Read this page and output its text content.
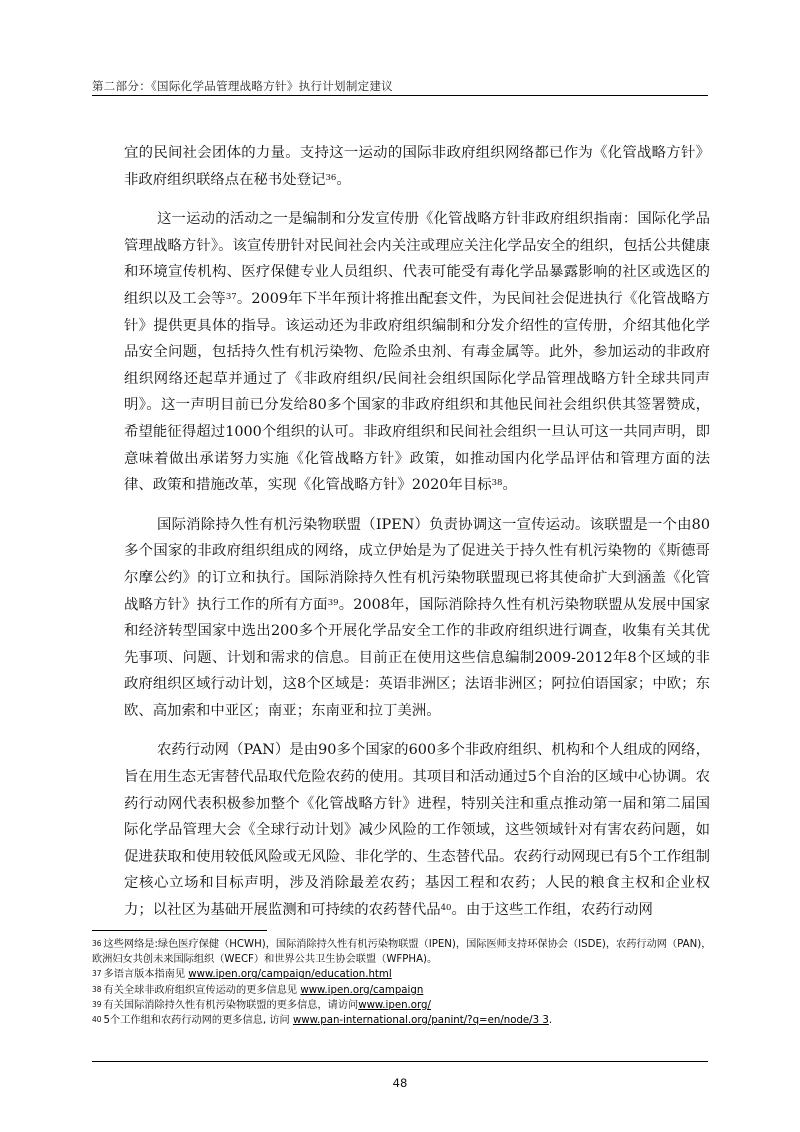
第二部分：《国际化学品管理战略方针》执行计划制定建议

宜的民间社会团体的力量。支持这一运动的国际非政府组织网络都已作为《化管战略方针》非政府组织联络点在秘书处登记$^{36}$。

这一运动的活动之一是编制和分发宣传册《化管战略方针非政府组织指南：国际化学品管理战略方针》。该宣传册针对民间社会内关注或理应关注化学品安全的组织，包括公共健康和环境宣传机构、医疗保健专业人员组织、代表可能受有毒化学品暴露影响的社区或选区的组织以及工会等$^{37}$。2009年下半年预计将推出配套文件，为民间社会促进执行《化管战略方针》提供更具体的指导。该运动还为非政府组织编制和分发介绍性的宣传册，介绍其他化学品安全问题，包括持久性有机污染物、危险杀虫剂、有毒金属等。此外，参加运动的非政府组织网络还起草并通过了《非政府组织/民间社会组织国际化学品管理战略方针全球共同声明》。这一声明目前已分发给80多个国家的非政府组织和其他民间社会组织供其签署赞成，希望能征得超过1000个组织的认可。非政府组织和民间社会组织一旦认可这一共同声明，即意味着做出承诺努力实施《化管战略方针》政策，如推动国内化学品评估和管理方面的法律、政策和措施改革，实现《化管战略方针》2020年目标$^{38}$。

国际消除持久性有机污染物联盟（IPEN）负责协调这一宣传运动。该联盟是一个由80多个国家的非政府组织组成的网络，成立伊始是为了促进关于持久性有机污染物的《斯德哥尔摩公约》的订立和执行。国际消除持久性有机污染物联盟现已将其使命扩大到涵盖《化管战略方针》执行工作的所有方面$^{39}$。2008年，国际消除持久性有机污染物联盟从发展中国家和经济转型国家中选出200多个开展化学品安全工作的非政府组织进行调查，收集有关其优先事项、问题、计划和需求的信息。目前正在使用这些信息编制2009-2012年8个区域的非政府组织区域行动计划，这8个区域是：英语非洲区；法语非洲区；阿拉伯语国家；中欧；东欧、高加索和中亚区；南亚；东南亚和拉丁美洲。

农药行动网（PAN）是由90多个国家的600多个非政府组织、机构和个人组成的网络，旨在用生态无害替代品取代危险农药的使用。其项目和活动通过5个自治的区域中心协调。农药行动网代表积极参加整个《化管战略方针》进程，特别关注和重点推动第一届和第二届国际化学品管理大会《全球行动计划》减少风险的工作领域，这些领域针对有害农药问题，如促进获取和使用较低风险或无风险、非化学的、生态替代品。农药行动网现已有5个工作组制定核心立场和目标声明，涉及消除最差农药；基因工程和农药；人民的粮食主权和企业权力；以社区为基础开展监测和可持续的农药替代品$^{40}$。由于这些工作组，农药行动网

$^{36}$ 这些网络是:绿色医疗保健（HCWH)，国际消除持久性有机污染物联盟（IPEN)，国际医师支持环保协会（ISDE)，农药行动网（PAN)，欧洲妇女共创未来国际组织（WECF）和世界公共卫生协会联盟（WFPHA)。

$^{37}$ 多语言版本指南见 www.ipen.org/campaign/education.html

$^{38}$ 有关全球非政府组织宣传运动的更多信息见 www.ipen.org/campaign

$^{39}$ 有关国际消除持久性有机污染物联盟的更多信息，请访问www.ipen.org/

$^{40}$ 5个工作组和农药行动网的更多信息, 访问 www.pan-international.org/panint/?q=en/node/3 3.

48
